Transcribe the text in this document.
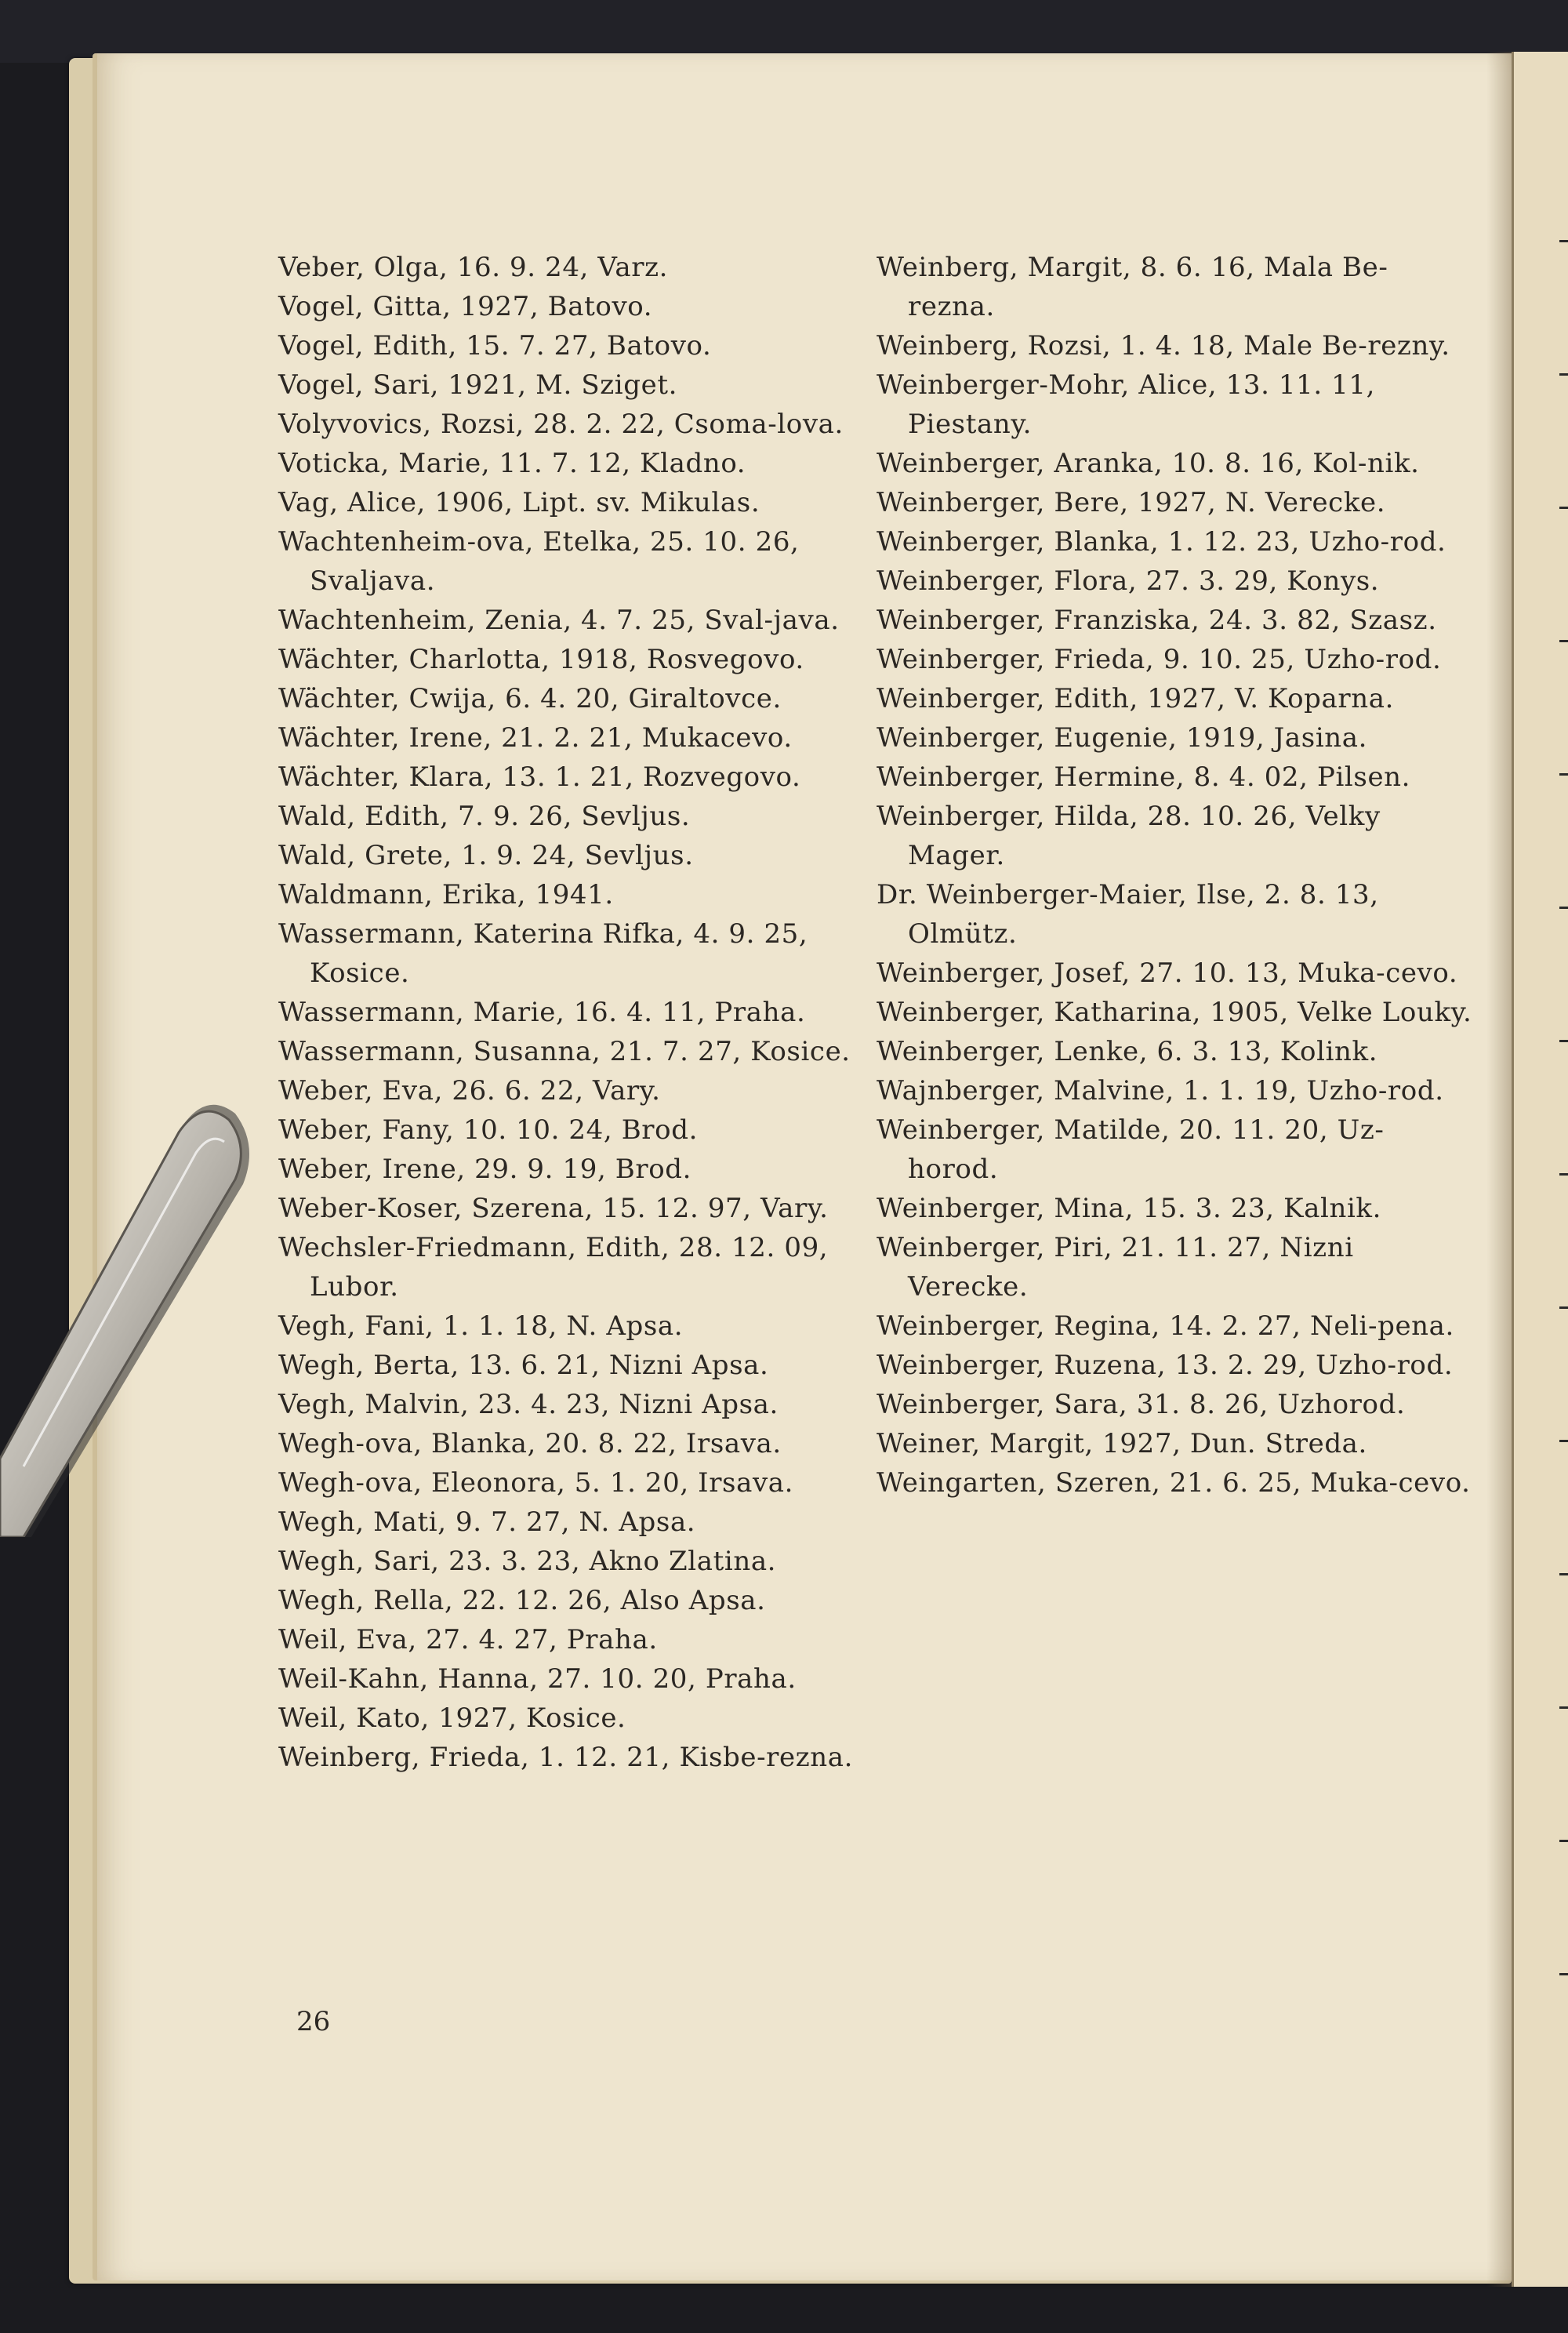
Veber, Olga, 16. 9. 24, Varz.
Vogel, Gitta, 1927, Batovo.
Vogel, Edith, 15. 7. 27, Batovo.
Vogel, Sari, 1921, M. Sziget.
Volyvovics, Rozsi, 28. 2. 22, Csoma-lova.
Voticka, Marie, 11. 7. 12, Kladno.
Vag, Alice, 1906, Lipt. sv. Mikulas.
Wachtenheim-ova, Etelka, 25. 10. 26, Svaljava.
Wachtenheim, Zenia, 4. 7. 25, Sval-java.
Wächter, Charlotta, 1918, Rosvegovo.
Wächter, Cwija, 6. 4. 20, Giraltovce.
Wächter, Irene, 21. 2. 21, Mukacevo.
Wächter, Klara, 13. 1. 21, Rozvegovo.
Wald, Edith, 7. 9. 26, Sevljus.
Wald, Grete, 1. 9. 24, Sevljus.
Waldmann, Erika, 1941.
Wassermann, Katerina Rifka, 4. 9. 25, Kosice.
Wassermann, Marie, 16. 4. 11, Praha.
Wassermann, Susanna, 21. 7. 27, Kosice.
Weber, Eva, 26. 6. 22, Vary.
Weber, Fany, 10. 10. 24, Brod.
Weber, Irene, 29. 9. 19, Brod.
Weber-Koser, Szerena, 15. 12. 97, Vary.
Wechsler-Friedmann, Edith, 28. 12. 09, Lubor.
Vegh, Fani, 1. 1. 18, N. Apsa.
Wegh, Berta, 13. 6. 21, Nizni Apsa.
Vegh, Malvin, 23. 4. 23, Nizni Apsa.
Wegh-ova, Blanka, 20. 8. 22, Irsava.
Wegh-ova, Eleonora, 5. 1. 20, Irsava.
Wegh, Mati, 9. 7. 27, N. Apsa.
Wegh, Sari, 23. 3. 23, Akno Zlatina.
Wegh, Rella, 22. 12. 26, Also Apsa.
Weil, Eva, 27. 4. 27, Praha.
Weil-Kahn, Hanna, 27. 10. 20, Praha.
Weil, Kato, 1927, Kosice.
Weinberg, Frieda, 1. 12. 21, Kisbe-rezna.
Weinberg, Margit, 8. 6. 16, Mala Be-rezna.
Weinberg, Rozsi, 1. 4. 18, Male Be-rezny.
Weinberger-Mohr, Alice, 13. 11. 11, Piestany.
Weinberger, Aranka, 10. 8. 16, Kol-nik.
Weinberger, Bere, 1927, N. Verecke.
Weinberger, Blanka, 1. 12. 23, Uzho-rod.
Weinberger, Flora, 27. 3. 29, Konys.
Weinberger, Franziska, 24. 3. 82, Szasz.
Weinberger, Frieda, 9. 10. 25, Uzho-rod.
Weinberger, Edith, 1927, V. Koparna.
Weinberger, Eugenie, 1919, Jasina.
Weinberger, Hermine, 8. 4. 02, Pilsen.
Weinberger, Hilda, 28. 10. 26, Velky Mager.
Dr. Weinberger-Maier, Ilse, 2. 8. 13, Olmütz.
Weinberger, Josef, 27. 10. 13, Muka-cevo.
Weinberger, Katharina, 1905, Velke Louky.
Weinberger, Lenke, 6. 3. 13, Kolink.
Wajnberger, Malvine, 1. 1. 19, Uzho-rod.
Weinberger, Matilde, 20. 11. 20, Uz-horod.
Weinberger, Mina, 15. 3. 23, Kalnik.
Weinberger, Piri, 21. 11. 27, Nizni Verecke.
Weinberger, Regina, 14. 2. 27, Neli-pena.
Weinberger, Ruzena, 13. 2. 29, Uzho-rod.
Weinberger, Sara, 31. 8. 26, Uzhorod.
Weiner, Margit, 1927, Dun. Streda.
Weingarten, Szeren, 21. 6. 25, Muka-cevo.
26
